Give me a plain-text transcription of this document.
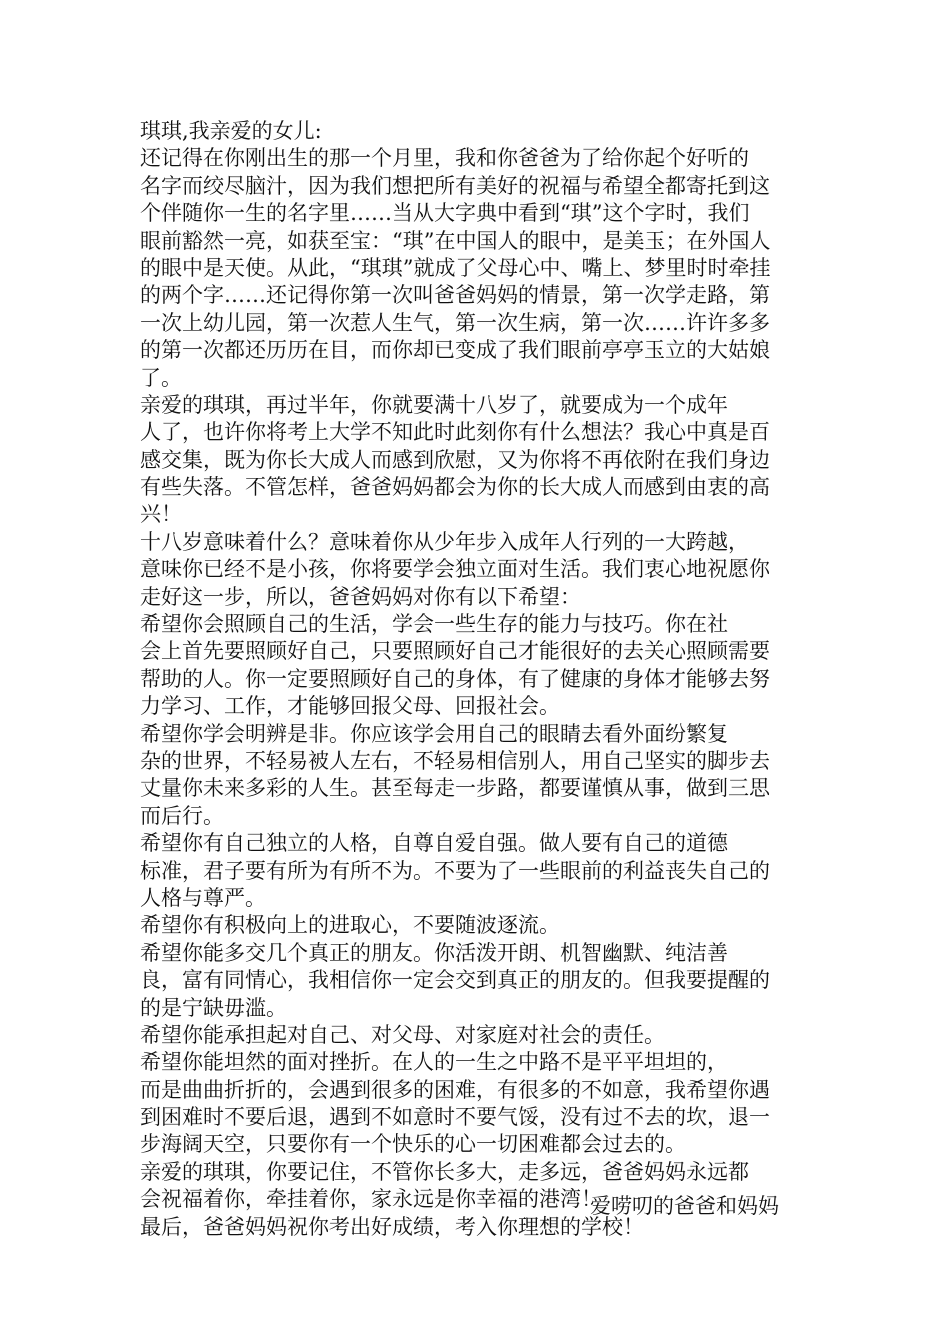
琪琪,我亲爱的女儿:
还记得在你刚出生的那一个月里，我和你爸爸为了给你起个好听的
名字而绞尽脑汁，因为我们想把所有美好的祝福与希望全都寄托到这
个伴随你一生的名字里……当从大字典中看到“琪”这个字时，我们
眼前豁然一亮，如获至宝：“琪”在中国人的眼中，是美玉；在外国人
的眼中是天使。从此，“琪琪”就成了父母心中、嘴上、梦里时时牵挂
的两个字……还记得你第一次叫爸爸妈妈的情景，第一次学走路，第
一次上幼儿园，第一次惹人生气，第一次生病，第一次……许许多多
的第一次都还历历在目，而你却已变成了我们眼前亭亭玉立的大姑娘
了。
亲爱的琪琪，再过半年，你就要满十八岁了，就要成为一个成年
人了，也许你将考上大学不知此时此刻你有什么想法？我心中真是百
感交集，既为你长大成人而感到欣慰，又为你将不再依附在我们身边
有些失落。不管怎样，爸爸妈妈都会为你的长大成人而感到由衷的高
兴！
十八岁意味着什么？意味着你从少年步入成年人行列的一大跨越，
意味你已经不是小孩，你将要学会独立面对生活。我们衷心地祝愿你
走好这一步，所以，爸爸妈妈对你有以下希望：
希望你会照顾自己的生活，学会一些生存的能力与技巧。你在社
会上首先要照顾好自己，只要照顾好自己才能很好的去关心照顾需要
帮助的人。你一定要照顾好自己的身体，有了健康的身体才能够去努
力学习、工作，才能够回报父母、回报社会。
希望你学会明辨是非。你应该学会用自己的眼睛去看外面纷繁复
杂的世界，不轻易被人左右，不轻易相信别人，用自己坚实的脚步去
丈量你未来多彩的人生。甚至每走一步路，都要谨慎从事，做到三思
而后行。
希望你有自己独立的人格，自尊自爱自强。做人要有自己的道德
标准，君子要有所为有所不为。不要为了一些眼前的利益丧失自己的
人格与尊严。
希望你有积极向上的进取心，不要随波逐流。
希望你能多交几个真正的朋友。你活泼开朗、机智幽默、纯洁善
良，富有同情心，我相信你一定会交到真正的朋友的。但我要提醒的
的是宁缺毋滥。
希望你能承担起对自己、对父母、对家庭对社会的责任。
希望你能坦然的面对挫折。在人的一生之中路不是平平坦坦的，
而是曲曲折折的，会遇到很多的困难，有很多的不如意，我希望你遇
到困难时不要后退，遇到不如意时不要气馁，没有过不去的坎，退一
步海阔天空，只要你有一个快乐的心一切困难都会过去的。
亲爱的琪琪，你要记住，不管你长多大，走多远，爸爸妈妈永远都
会祝福着你，牵挂着你，家永远是你幸福的港湾！
最后，爸爸妈妈祝你考出好成绩，考入你理想的学校！
爱唠叨的爸爸和妈妈
